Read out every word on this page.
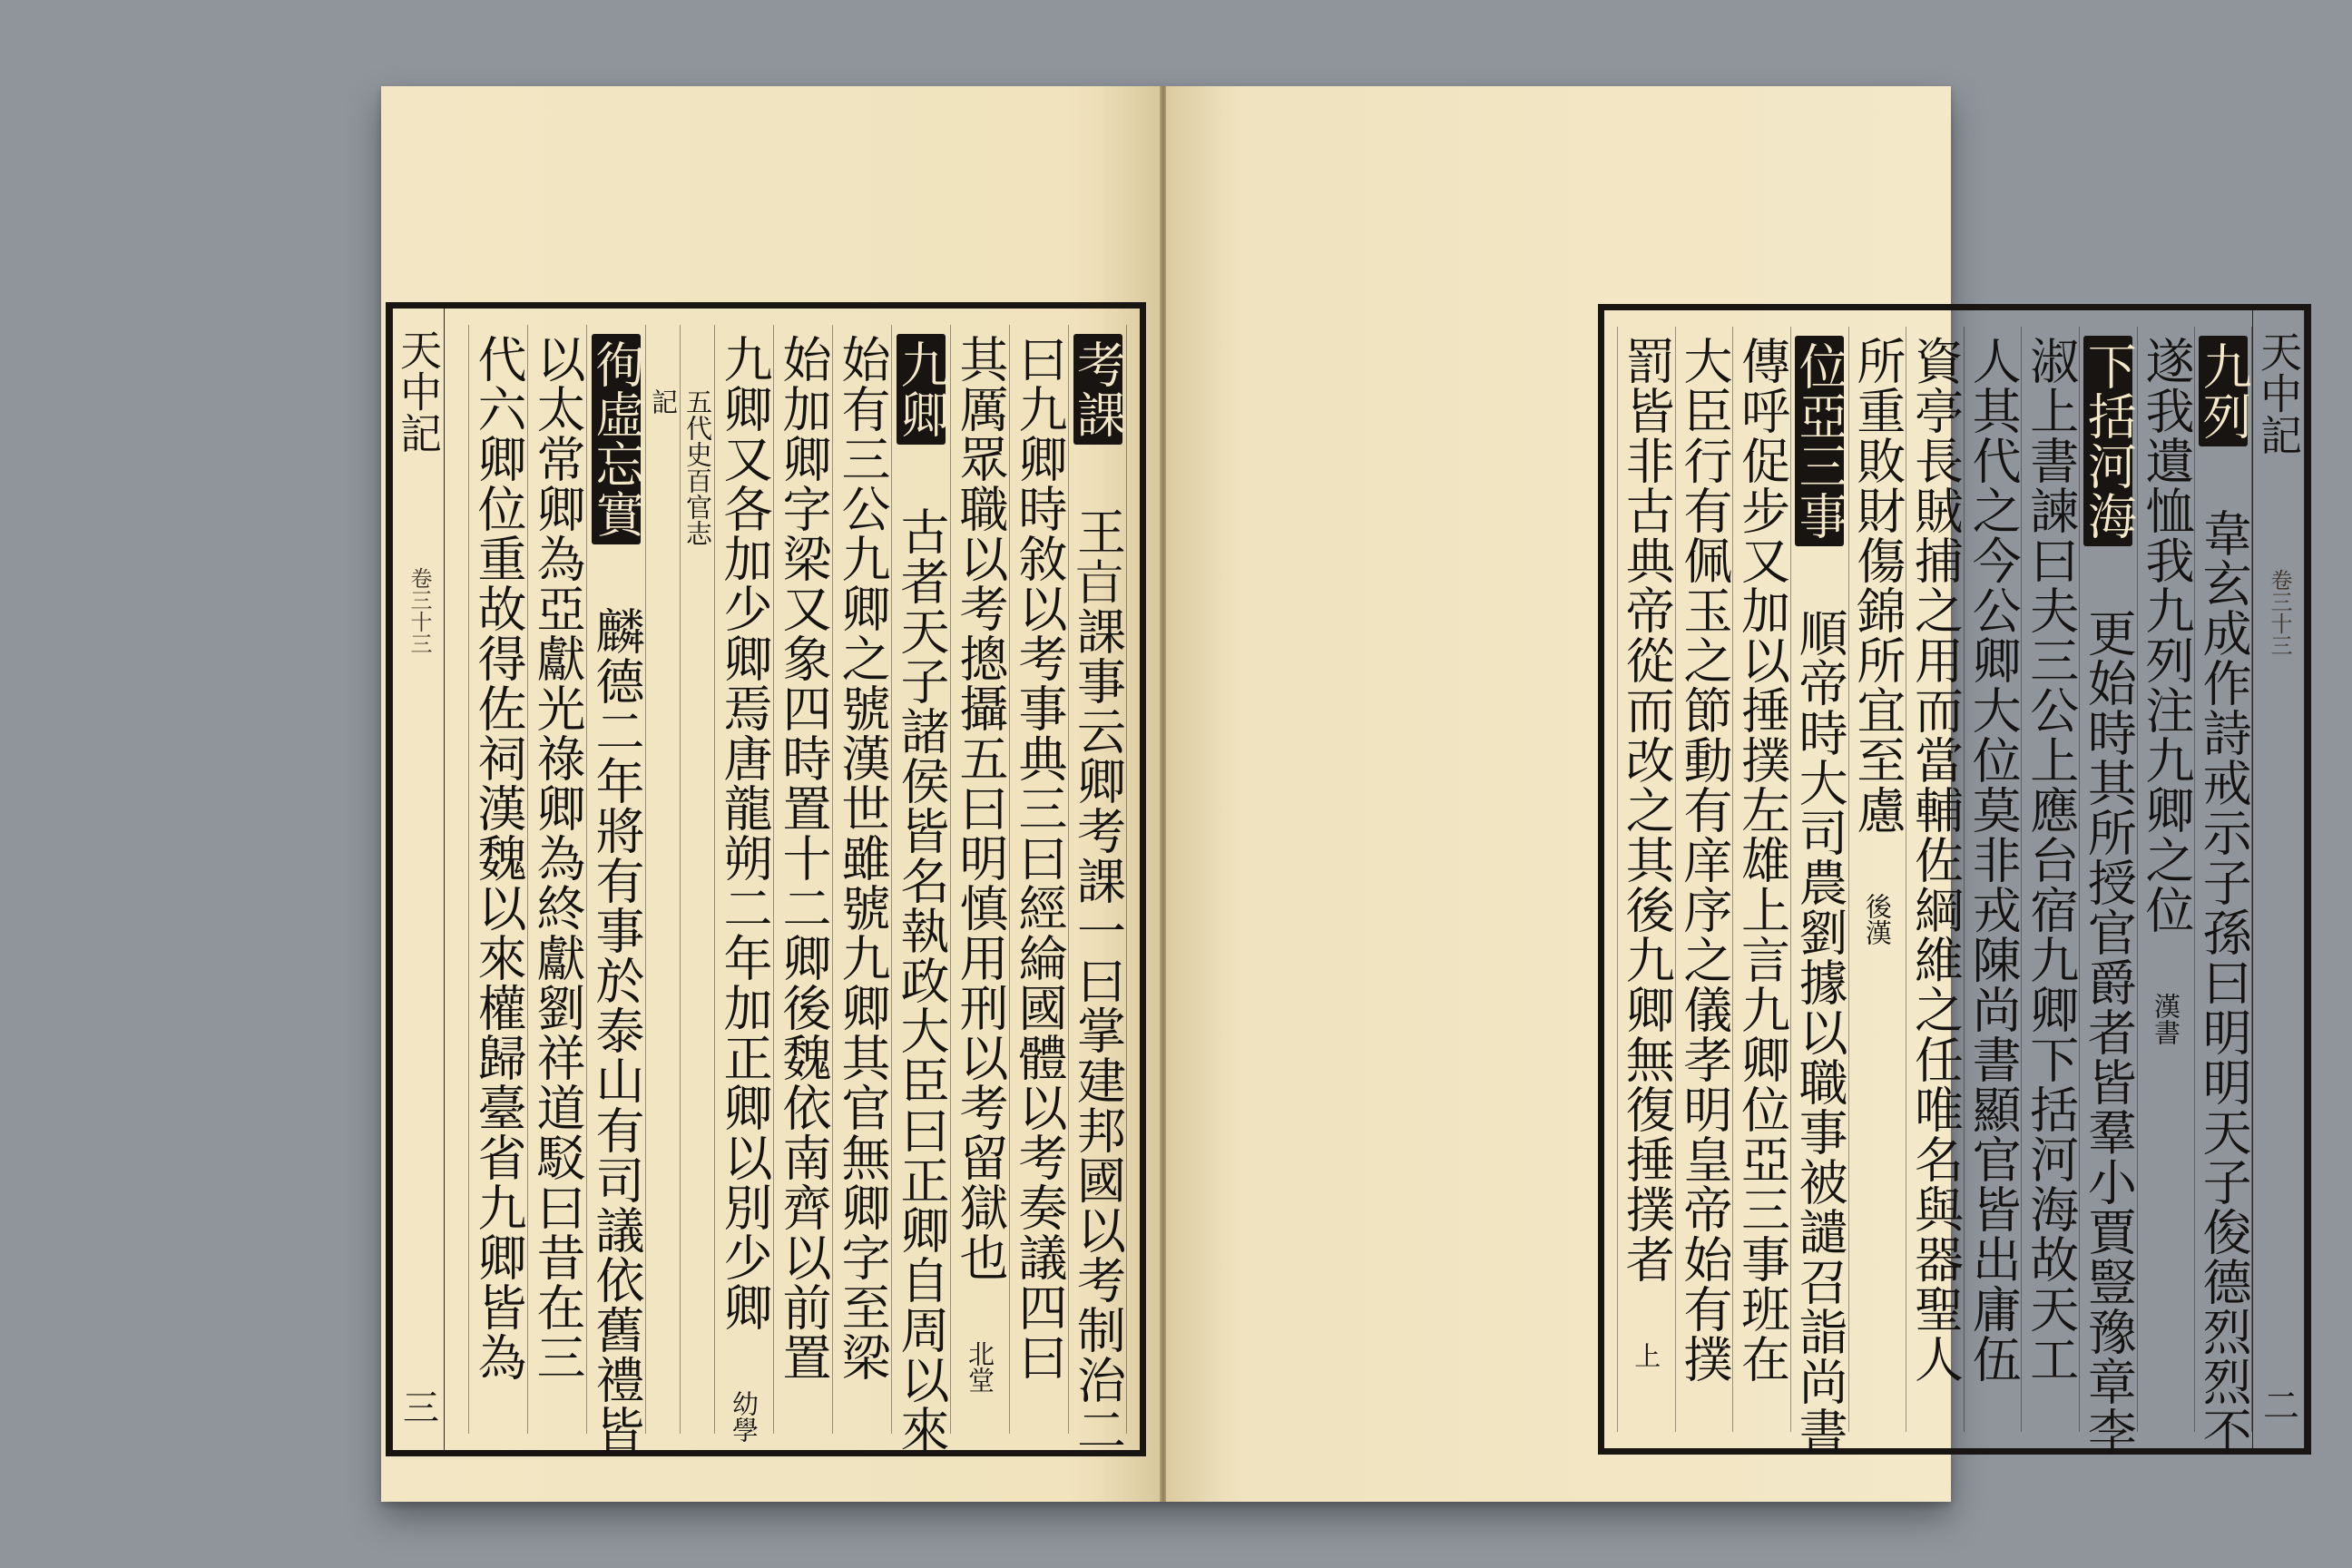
天中記
卷三十三
三
考課 王𣅀課事云卿考課一曰掌建邦國以考制治二
曰九卿時敘以考事典三曰經綸國體以考奏議四曰
其厲眾職以考摠攝五曰明慎用刑以考留獄也 北堂
九卿 古者天子諸侯皆名執政大臣曰正卿自周以來
始有三公九卿之號漢世雖號九卿其官無卿字至梁
始加卿字梁又象四時置十二卿後魏依南齊以前置
九卿又各加少卿焉唐龍朔二年加正卿以別少卿 幼學
五代史百官志
記
徇虛忘實 麟德二年將有事於泰山有司議依舊禮皆
以太常卿為亞獻光祿卿為終獻劉祥道駁曰昔在三
代六卿位重故得佐祠漢魏以來權歸臺省九卿皆為	天中記
卷三十三
二
九列 韋玄成作詩戒示子孫曰明明天子俊德烈烈不
遂我遺恤我九列注九卿之位 漢書
下括河海 更始時其所授官爵者皆羣小賈豎豫章李
淑上書諫曰夫三公上應台宿九卿下括河海故天工
人其代之今公卿大位莫非戎陳尚書顯官皆出庸伍
資亭長賊捕之用而當輔佐綱維之任唯名與器聖人
所重敗財傷錦所宜至慮 後漢
位亞三事 順帝時大司農劉據以職事被譴召詣尚書
傳呼促步又加以捶撲左雄上言九卿位亞三事班在
大臣行有佩玉之節動有庠序之儀孝明皇帝始有撲
罰皆非古典帝從而改之其後九卿無復捶撲者 上
